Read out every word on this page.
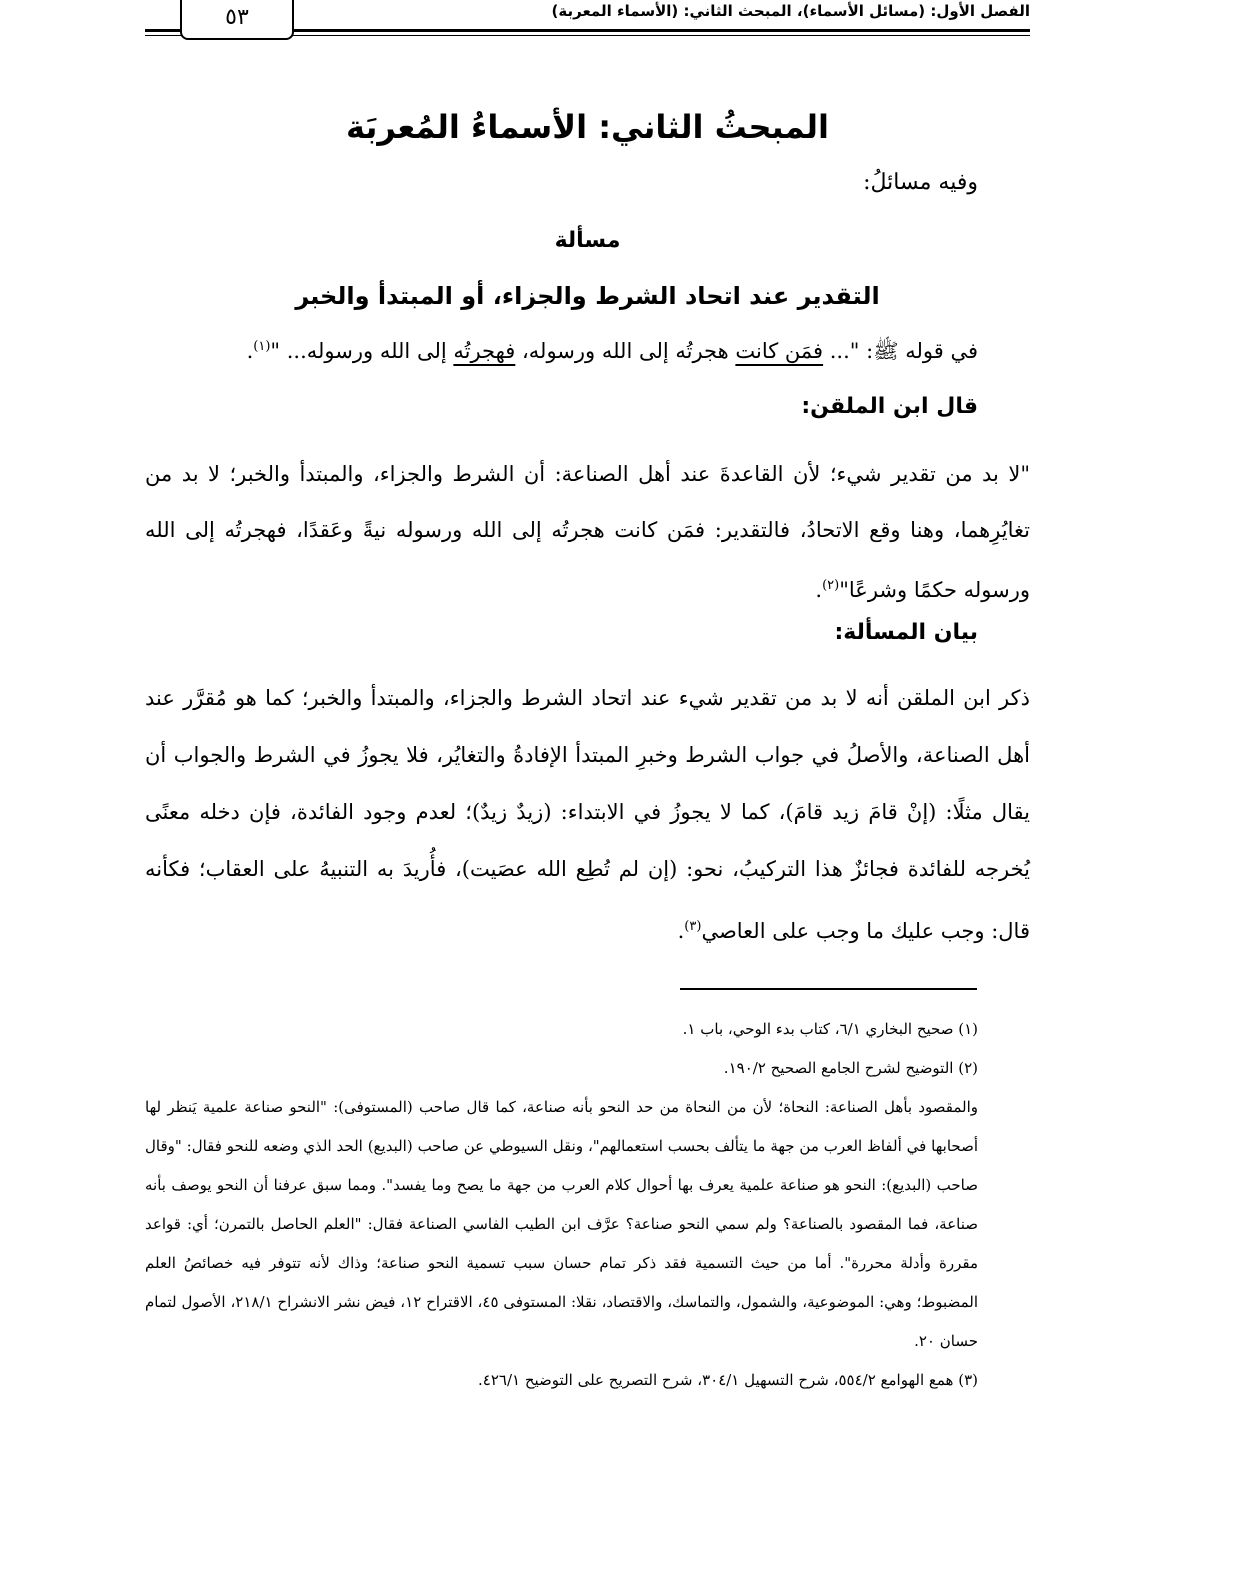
الفصل الأول: (مسائل الأسماء)، المبحث الثاني: (الأسماء المعربة)
٥٣
المبحثُ الثاني: الأسماءُ المُعربَة
وفيه مسائلُ:
مسألة
التقدير عند اتحاد الشرط والجزاء، أو المبتدأ والخبر
في قوله ﷺ: "... فمَن كانت هجرتُه إلى الله ورسوله، فهجرتُه إلى الله ورسوله... "$^{(١)}$.
قال ابن الملقن:
"لا بد من تقدير شيء؛ لأن القاعدةَ عند أهل الصناعة: أن الشرط والجزاء، والمبتدأ والخبر؛ لا بد من تغايُرِهما، وهنا وقع الاتحادُ، فالتقدير: فمَن كانت هجرتُه إلى الله ورسوله نيةً وعَقدًا، فهجرتُه إلى الله ورسوله حكمًا وشرعًا"$^{(٢)}$.
بيان المسألة:
ذكر ابن الملقن أنه لا بد من تقدير شيء عند اتحاد الشرط والجزاء، والمبتدأ والخبر؛ كما هو مُقرَّر عند أهل الصناعة، والأصلُ في جواب الشرط وخبرِ المبتدأ الإفادةُ والتغايُر، فلا يجوزُ في الشرط والجواب أن يقال مثلًا: (إنْ قامَ زيد قامَ)، كما لا يجوزُ في الابتداء: (زيدٌ زيدٌ)؛ لعدم وجود الفائدة، فإن دخله معنًى يُخرجه للفائدة فجائزٌ هذا التركيبُ، نحو: (إن لم تُطِع الله عصَيت)، فأُريدَ به التنبيهُ على العقاب؛ فكأنه قال: وجب عليك ما وجب على العاصي$^{(٣)}$.

(١) صحيح البخاري ٦/١، كتاب بدء الوحي، باب ١.

(٢) التوضيح لشرح الجامع الصحيح ١٩٠/٢.

والمقصود بأهل الصناعة: النحاة؛ لأن من النحاة من حد النحو بأنه صناعة، كما قال صاحب (المستوفى): "النحو صناعة علمية يَنظر لها أصحابها في ألفاظ العرب من جهة ما يتألف بحسب استعمالهم"، ونقل السيوطي عن صاحب (البديع) الحد الذي وضعه للنحو فقال: "وقال صاحب (البديع): النحو هو صناعة علمية يعرف بها أحوال كلام العرب من جهة ما يصح وما يفسد". ومما سبق عرفنا أن النحو يوصف بأنه صناعة، فما المقصود بالصناعة؟ ولم سمي النحو صناعة؟ عرَّف ابن الطيب الفاسي الصناعة فقال: "العلم الحاصل بالتمرن؛ أي: قواعد مقررة وأدلة محررة". أما من حيث التسمية فقد ذكر تمام حسان سبب تسمية النحو صناعة؛ وذاك لأنه تتوفر فيه خصائصُ العلم المضبوط؛ وهي: الموضوعية، والشمول، والتماسك، والاقتصاد، نقلا: المستوفى ٤٥، الاقتراح ١٢، فيض نشر الانشراح ٢١٨/١، الأصول لتمام حسان ٢٠.

(٣) همع الهوامع ٥٥٤/٢، شرح التسهيل ٣٠٤/١، شرح التصريح على التوضيح ٤٢٦/١.
